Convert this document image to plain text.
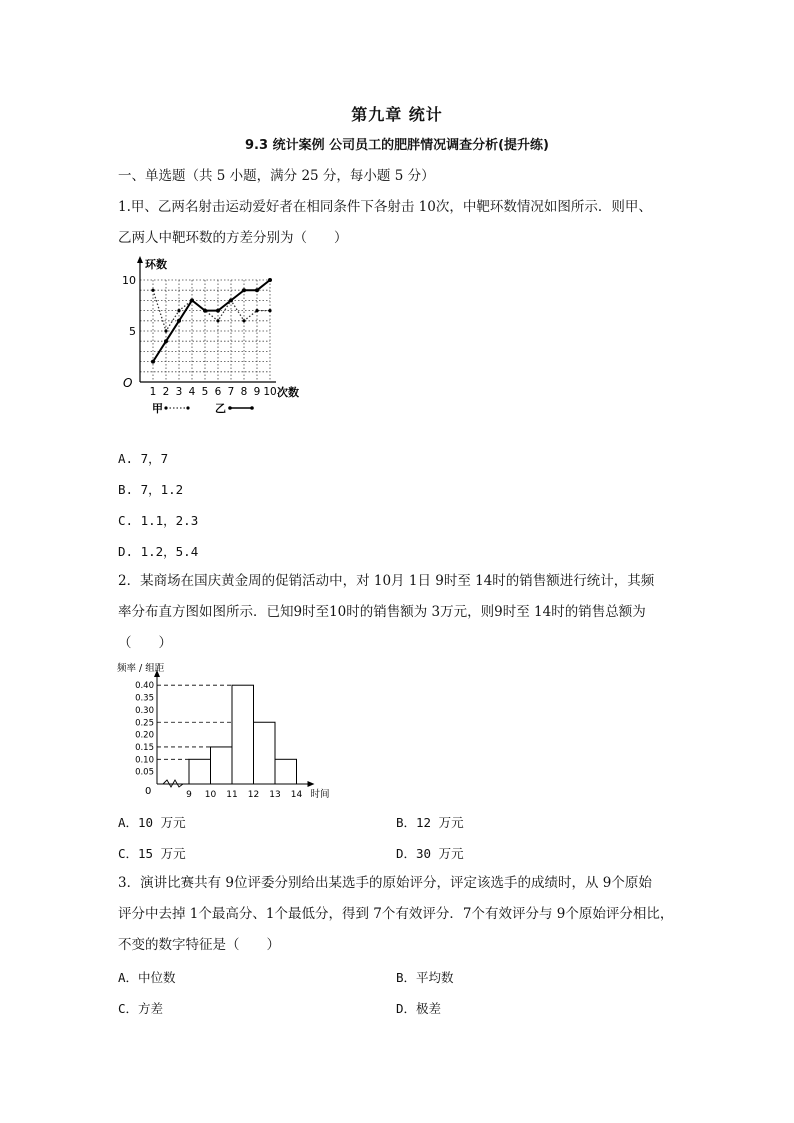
第九章 统计
9.3 统计案例 公司员工的肥胖情况调查分析(提升练)
一、单选题（共 5 小题，满分 25 分，每小题 5 分）
1.甲、乙两名射击运动爱好者在相同条件下各射击 10次，中靶环数情况如图所示．则甲、
乙两人中靶环数的方差分别为（　　）
环数
次数
O
5
10
1 2 3 4 5 6 7 8 9 10
甲	乙
A. 7，7
B. 7，1.2
C. 1.1，2.3
D. 1.2，5.4
2．某商场在国庆黄金周的促销活动中，对 10月 1日 9时至 14时的销售额进行统计，其频
率分布直方图如图所示．已知9时至10时的销售额为 3万元，则9时至 14时的销售总额为
（　　）
频率 / 组距
时间
0
0.05
0.10
0.15
0.20
0.25
0.30
0.35
0.40
9 10 11 12 13 14
A．10 万元	B．12 万元
C．15 万元	D．30 万元
3．演讲比赛共有 9位评委分别给出某选手的原始评分，评定该选手的成绩时，从 9个原始
评分中去掉 1个最高分、1个最低分，得到 7个有效评分．7个有效评分与 9个原始评分相比，
不变的数字特征是（　　）
A．中位数	B．平均数
C．方差	D．极差
